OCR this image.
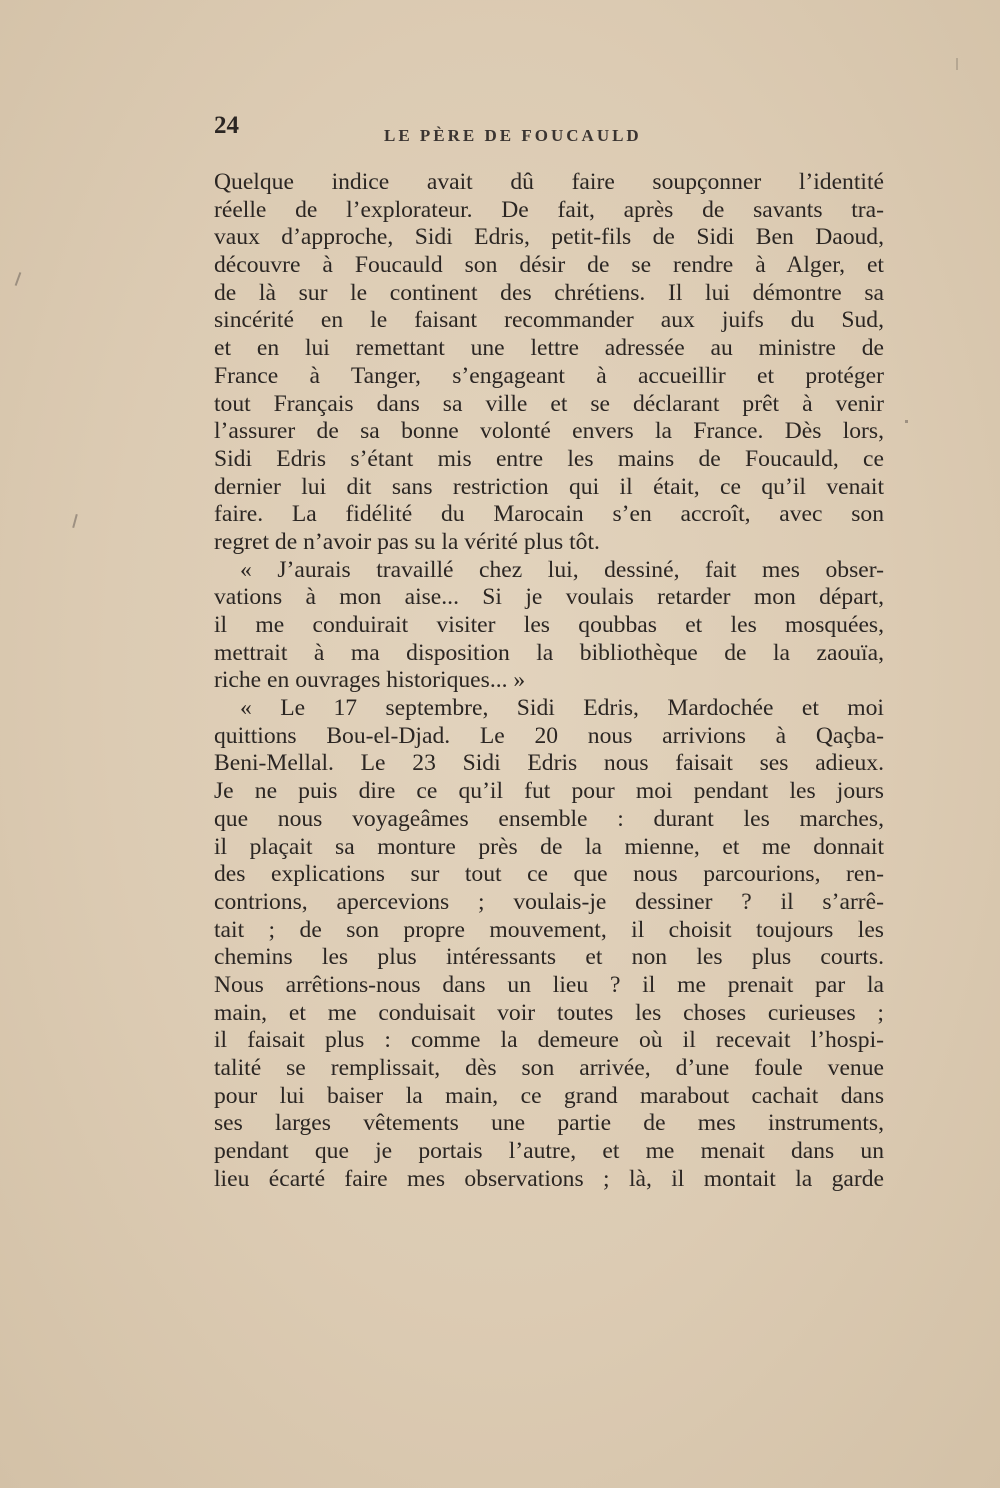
24	LE PÈRE DE FOUCAULD
Quelque indice avait dû faire soupçonner l’identité
réelle de l’explorateur. De fait, après de savants tra-
vaux d’approche, Sidi Edris, petit-fils de Sidi Ben Daoud,
découvre à Foucauld son désir de se rendre à Alger, et
de là sur le continent des chrétiens. Il lui démontre sa
sincérité en le faisant recommander aux juifs du Sud,
et en lui remettant une lettre adressée au ministre de
France à Tanger, s’engageant à accueillir et protéger
tout Français dans sa ville et se déclarant prêt à venir
l’assurer de sa bonne volonté envers la France. Dès lors,
Sidi Edris s’étant mis entre les mains de Foucauld, ce
dernier lui dit sans restriction qui il était, ce qu’il venait
faire. La fidélité du Marocain s’en accroît, avec son
regret de n’avoir pas su la vérité plus tôt.
« J’aurais travaillé chez lui, dessiné, fait mes obser-
vations à mon aise... Si je voulais retarder mon départ,
il me conduirait visiter les qoubbas et les mosquées,
mettrait à ma disposition la bibliothèque de la zaouïa,
riche en ouvrages historiques... »
« Le 17 septembre, Sidi Edris, Mardochée et moi
quittions Bou-el-Djad. Le 20 nous arrivions à Qaçba-
Beni-Mellal. Le 23 Sidi Edris nous faisait ses adieux.
Je ne puis dire ce qu’il fut pour moi pendant les jours
que nous voyageâmes ensemble : durant les marches,
il plaçait sa monture près de la mienne, et me donnait
des explications sur tout ce que nous parcourions, ren-
contrions, apercevions ; voulais-je dessiner ? il s’arrê-
tait ; de son propre mouvement, il choisit toujours les
chemins les plus intéressants et non les plus courts.
Nous arrêtions-nous dans un lieu ? il me prenait par la
main, et me conduisait voir toutes les choses curieuses ;
il faisait plus : comme la demeure où il recevait l’hospi-
talité se remplissait, dès son arrivée, d’une foule venue
pour lui baiser la main, ce grand marabout cachait dans
ses larges vêtements une partie de mes instruments,
pendant que je portais l’autre, et me menait dans un
lieu écarté faire mes observations ; là, il montait la garde
